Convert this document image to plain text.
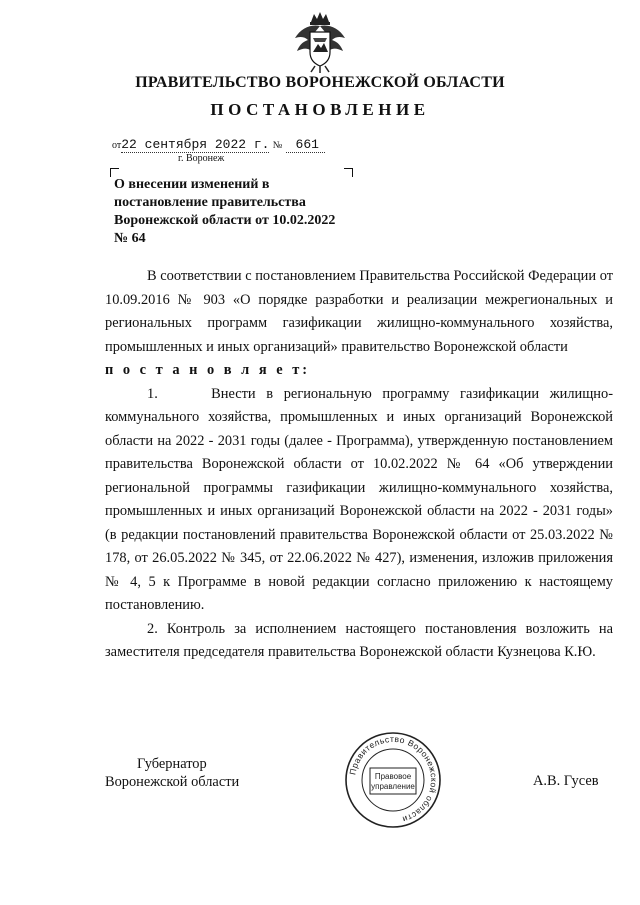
ПРАВИТЕЛЬСТВО ВОРОНЕЖСКОЙ ОБЛАСТИ
ПОСТАНОВЛЕНИЕ
от22 сентября 2022 г. № 661
г. Воронеж
О внесении изменений в
постановление правительства
Воронежской области от 10.02.2022
№ 64

В соответствии с постановлением Правительства Российской Федерации от 10.09.2016 № 903 «О порядке разработки и реализации межрегиональных и региональных программ газификации жилищно-коммунального хозяйства, промышленных и иных организаций» правительство Воронежской области

п о с т а н о в л я е т:

1.     Внести в региональную программу газификации жилищно-коммунального хозяйства, промышленных и иных организаций Воронежской области на 2022 - 2031 годы (далее - Программа), утвержденную постановлением правительства Воронежской области от 10.02.2022 № 64 «Об утверждении региональной программы газификации жилищно-коммунального хозяйства, промышленных и иных организаций Воронежской области на 2022 - 2031 годы» (в редакции постановлений правительства Воронежской области от 25.03.2022 № 178, от 26.05.2022 № 345, от 22.06.2022 № 427), изменения, изложив приложения № 4, 5 к Программе в новой редакции согласно приложению к настоящему постановлению.

2. Контроль за исполнением настоящего постановления возложить на заместителя председателя правительства Воронежской области Кузнецова К.Ю.

Губернатор
Воронежской области
Правительство Воронежской области
Правовое
управление	А.В. Гусев
